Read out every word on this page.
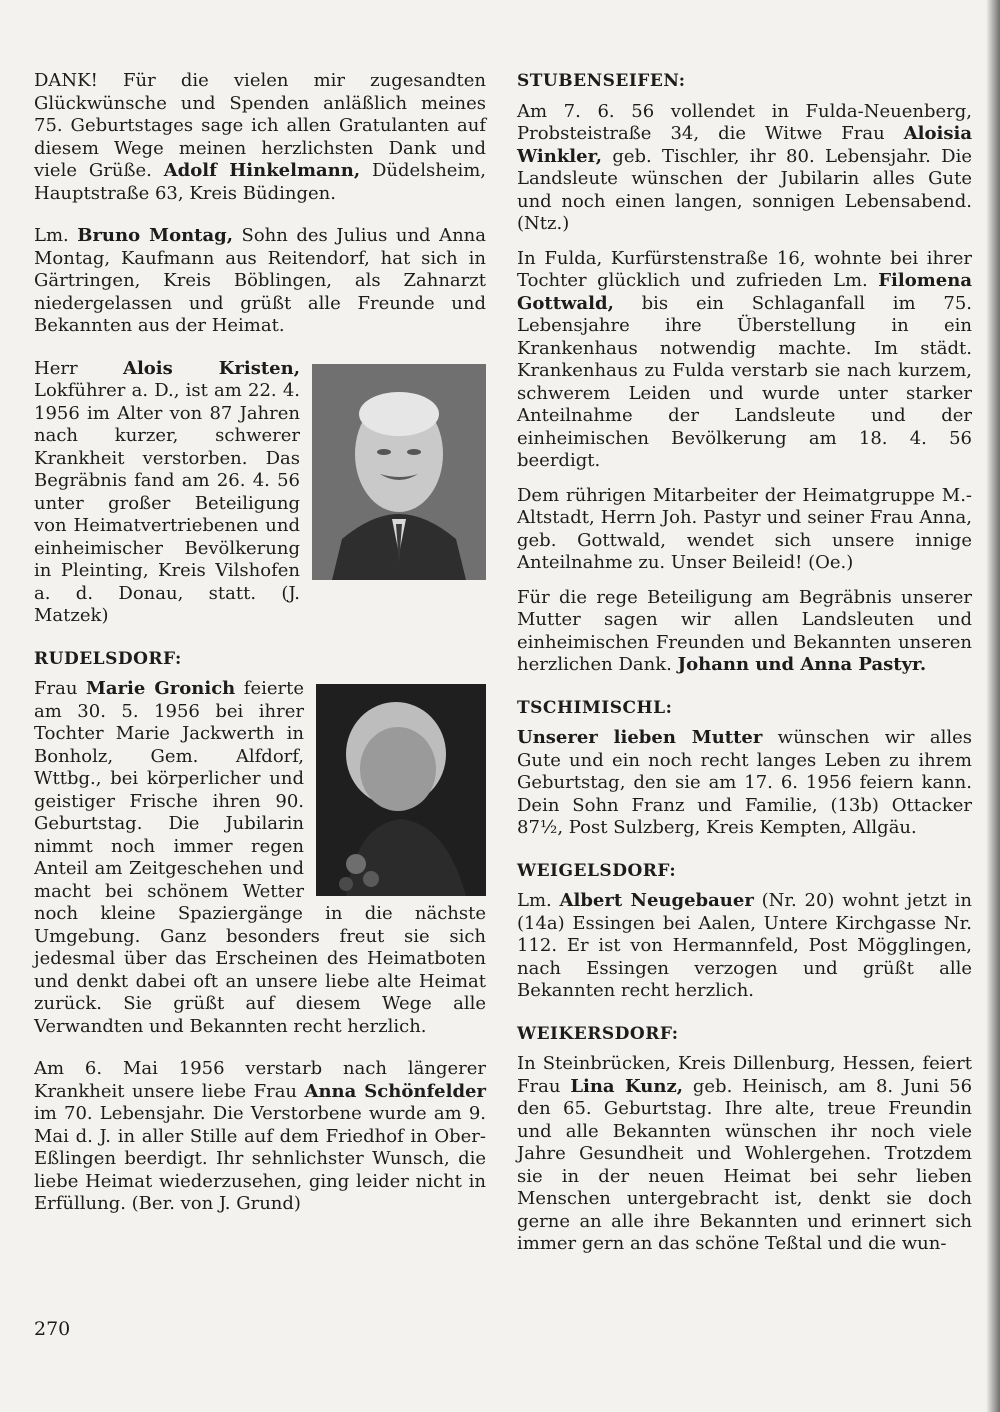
DANK! Für die vielen mir zugesandten Glückwünsche und Spenden anläßlich meines 75. Geburtstages sage ich allen Gratulanten auf diesem Wege meinen herzlichsten Dank und viele Grüße. Adolf Hinkelmann, Düdelsheim, Hauptstraße 63, Kreis Büdingen.

Lm. Bruno Montag, Sohn des Julius und Anna Montag, Kaufmann aus Reitendorf, hat sich in Gärtringen, Kreis Böblingen, als Zahnarzt niedergelassen und grüßt alle Freunde und Bekannten aus der Heimat.

Herr Alois Kristen, Lokführer a. D., ist am 22. 4. 1956 im Alter von 87 Jahren nach kurzer, schwerer Krankheit verstorben. Das Begräbnis fand am 26. 4. 56 unter großer Beteiligung von Heimatvertriebenen und einheimischer Bevölkerung in Pleinting, Kreis Vilshofen a. d. Donau, statt. (J. Matzek)

RUDELSDORF:

Frau Marie Gronich feierte am 30. 5. 1956 bei ihrer Tochter Marie Jackwerth in Bonholz, Gem. Alfdorf, Wttbg., bei körperlicher und geistiger Frische ihren 90. Geburtstag. Die Jubilarin nimmt noch immer regen Anteil am Zeitgeschehen und macht bei schönem Wetter noch kleine Spaziergänge in die nächste Umgebung. Ganz besonders freut sie sich jedesmal über das Erscheinen des Heimatboten und denkt dabei oft an unsere liebe alte Heimat zurück. Sie grüßt auf diesem Wege alle Verwandten und Bekannten recht herzlich.

Am 6. Mai 1956 verstarb nach längerer Krankheit unsere liebe Frau Anna Schönfelder im 70. Lebensjahr. Die Verstorbene wurde am 9. Mai d. J. in aller Stille auf dem Friedhof in Ober-Eßlingen beerdigt. Ihr sehnlichster Wunsch, die liebe Heimat wiederzusehen, ging leider nicht in Erfüllung. (Ber. von J. Grund)

STUBENSEIFEN:

Am 7. 6. 56 vollendet in Fulda-Neuenberg, Probsteistraße 34, die Witwe Frau Aloisia Winkler, geb. Tischler, ihr 80. Lebensjahr. Die Landsleute wünschen der Jubilarin alles Gute und noch einen langen, sonnigen Lebensabend. (Ntz.)

In Fulda, Kurfürstenstraße 16, wohnte bei ihrer Tochter glücklich und zufrieden Lm. Filomena Gottwald, bis ein Schlaganfall im 75. Lebensjahre ihre Überstellung in ein Krankenhaus notwendig machte. Im städt. Krankenhaus zu Fulda verstarb sie nach kurzem, schwerem Leiden und wurde unter starker Anteilnahme der Landsleute und der einheimischen Bevölkerung am 18. 4. 56 beerdigt.

Dem rührigen Mitarbeiter der Heimatgruppe M.-Altstadt, Herrn Joh. Pastyr und seiner Frau Anna, geb. Gottwald, wendet sich unsere innige Anteilnahme zu. Unser Beileid! (Oe.)

Für die rege Beteiligung am Begräbnis unserer Mutter sagen wir allen Landsleuten und einheimischen Freunden und Bekannten unseren herzlichen Dank. Johann und Anna Pastyr.

TSCHIMISCHL:

Unserer lieben Mutter wünschen wir alles Gute und ein noch recht langes Leben zu ihrem Geburtstag, den sie am 17. 6. 1956 feiern kann. Dein Sohn Franz und Familie, (13b) Ottacker 87½, Post Sulzberg, Kreis Kempten, Allgäu.

WEIGELSDORF:

Lm. Albert Neugebauer (Nr. 20) wohnt jetzt in (14a) Essingen bei Aalen, Untere Kirchgasse Nr. 112. Er ist von Hermannfeld, Post Mögglingen, nach Essingen verzogen und grüßt alle Bekannten recht herzlich.

WEIKERSDORF:

In Steinbrücken, Kreis Dillenburg, Hessen, feiert Frau Lina Kunz, geb. Heinisch, am 8. Juni 56 den 65. Geburtstag. Ihre alte, treue Freundin und alle Bekannten wünschen ihr noch viele Jahre Gesundheit und Wohlergehen. Trotzdem sie in der neuen Heimat bei sehr lieben Menschen untergebracht ist, denkt sie doch gerne an alle ihre Bekannten und erinnert sich immer gern an das schöne Teßtal und die wun-

270
